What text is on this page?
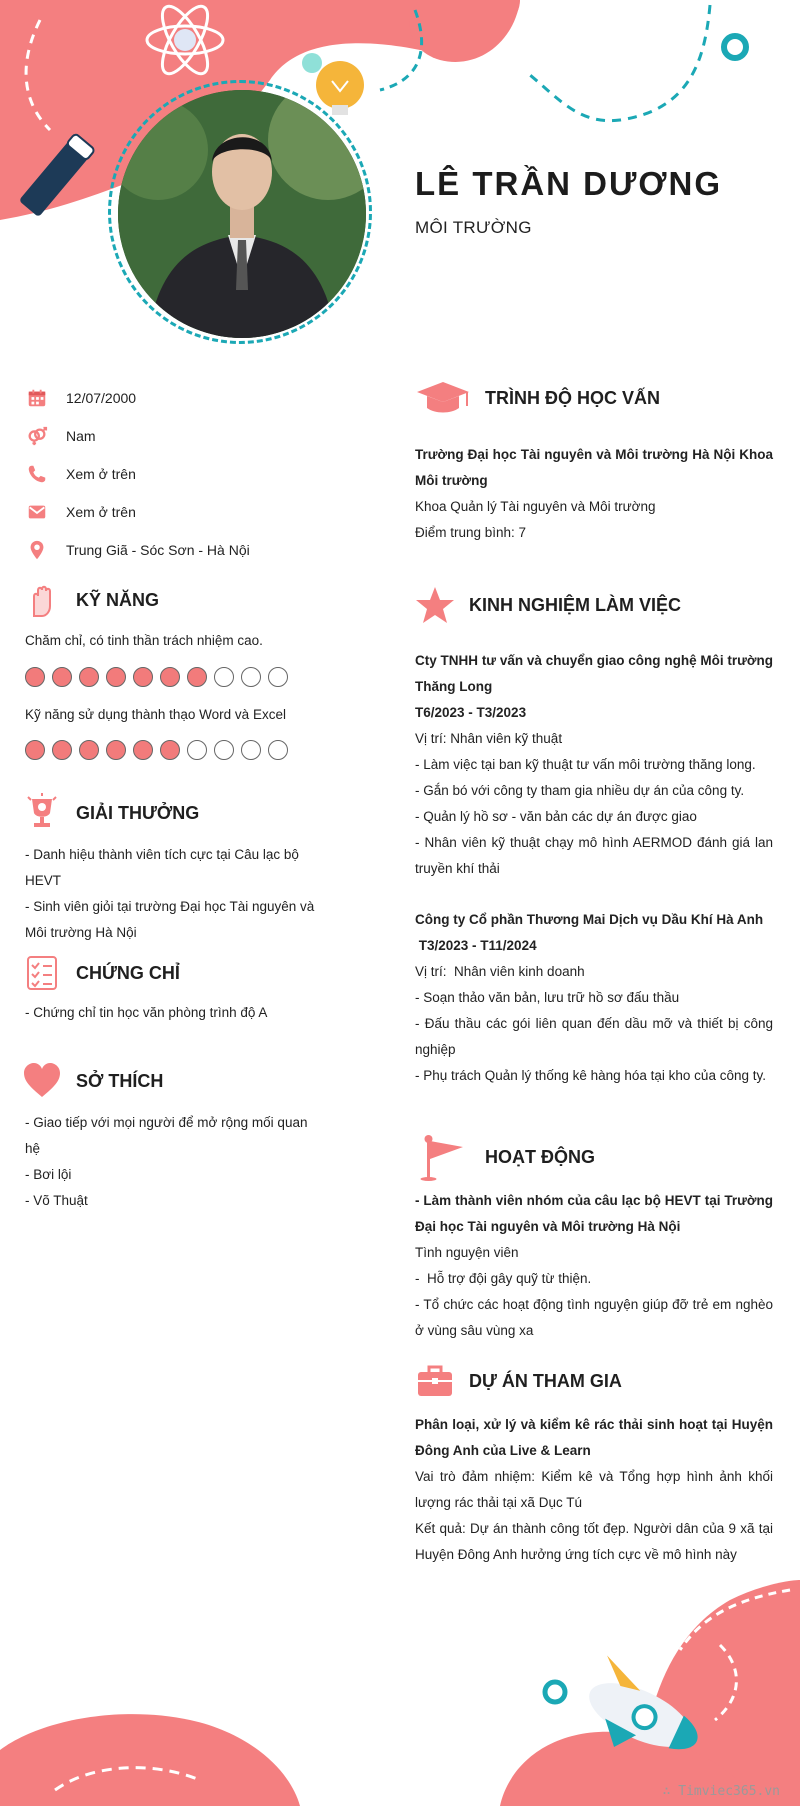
LÊ TRẦN DƯƠNG
MÔI TRƯỜNG
12/07/2000
Nam
Xem ở trên
Xem ở trên
Trung Giã - Sóc Sơn - Hà Nội
KỸ NĂNG
Chăm chỉ, có tinh thần trách nhiệm cao.
Kỹ năng sử dụng thành thạo Word và Excel
GIẢI THƯỞNG
- Danh hiệu thành viên tích cực tại Câu lạc bộ HEVT
- Sinh viên giỏi tại trường Đại học Tài nguyên và Môi trường Hà Nội
CHỨNG CHỈ
- Chứng chỉ tin học văn phòng trình độ A
SỞ THÍCH
- Giao tiếp với mọi người để mở rộng mối quan hệ
- Bơi lội
- Võ Thuật
TRÌNH ĐỘ HỌC VẤN
Trường Đại học Tài nguyên và Môi trường Hà Nội Khoa Môi trường
Khoa Quản lý Tài nguyên và Môi trường
Điểm trung bình: 7
KINH NGHIỆM LÀM VIỆC
Cty TNHH tư vấn và chuyển giao công nghệ Môi trường Thăng Long
T6/2023 - T3/2023
Vị trí: Nhân viên kỹ thuật
- Làm việc tại ban kỹ thuật tư vấn môi trường thăng long.
- Gắn bó với công ty tham gia nhiều dự án của công ty.
- Quản lý hồ sơ - văn bản các dự án được giao
- Nhân viên kỹ thuật chạy mô hình AERMOD đánh giá lan truyền khí thải
Công ty Cổ phần Thương Mai Dịch vụ Dầu Khí Hà Anh
T3/2023 - T11/2024
Vị trí:  Nhân viên kinh doanh
- Soạn thảo văn bản, lưu trữ hồ sơ đấu thầu
- Đấu thầu các gói liên quan đến dầu mỡ và thiết bị công nghiệp
- Phụ trách Quản lý thống kê hàng hóa tại kho của công ty.
HOẠT ĐỘNG
- Làm thành viên nhóm của câu lạc bộ HEVT tại Trường Đại học Tài nguyên và Môi trường Hà Nội
Tình nguyện viên
-  Hỗ trợ đội gây quỹ từ thiện.
- Tổ chức các hoạt động tình nguyện giúp đỡ trẻ em nghèo ở vùng sâu vùng xa
DỰ ÁN THAM GIA
Phân loại, xử lý và kiểm kê rác thải sinh hoạt tại Huyện Đông Anh của Live & Learn
Vai trò đảm nhiệm: Kiểm kê và Tổng hợp hình ảnh khối lượng rác thải tại xã Dục Tú
Kết quả: Dự án thành công tốt đẹp. Người dân của 9 xã tại Huyện Đông Anh hưởng ứng tích cực về mô hình này
∴ Timviec365.vn
